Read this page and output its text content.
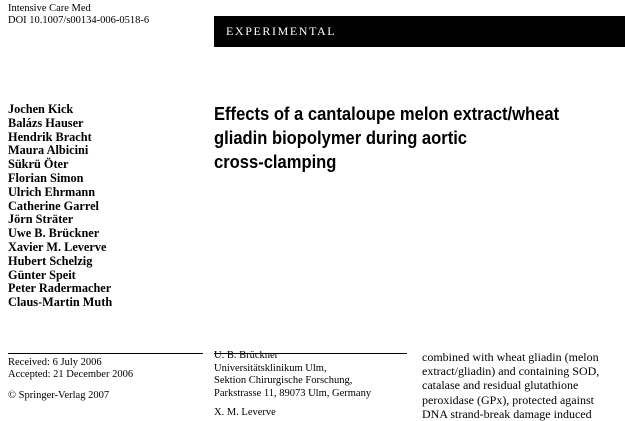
Intensive Care Med
DOI 10.1007/s00134-006-0518-6
EXPERIMENTAL
Jochen Kick
Balázs Hauser
Hendrik Bracht
Maura Albicini
Sükrü Öter
Florian Simon
Ulrich Ehrmann
Catherine Garrel
Jörn Sträter
Uwe B. Brückner
Xavier M. Leverve
Hubert Schelzig
Günter Speit
Peter Radermacher
Claus-Martin Muth
Effects of a cantaloupe melon extract/wheat
gliadin biopolymer during aortic
cross-clamping
Received: 6 July 2006
Accepted: 21 December 2006
© Springer-Verlag 2007
U. B. Brückner
Universitätsklinikum Ulm,
Sektion Chirurgische Forschung,
Parkstrasse 11, 89073 Ulm, Germany
X. M. Leverve
combined with wheat gliadin (melon
extract/gliadin) and containing SOD,
catalase and residual glutathione
peroxidase (GPx), protected against
DNA strand-break damage induced
